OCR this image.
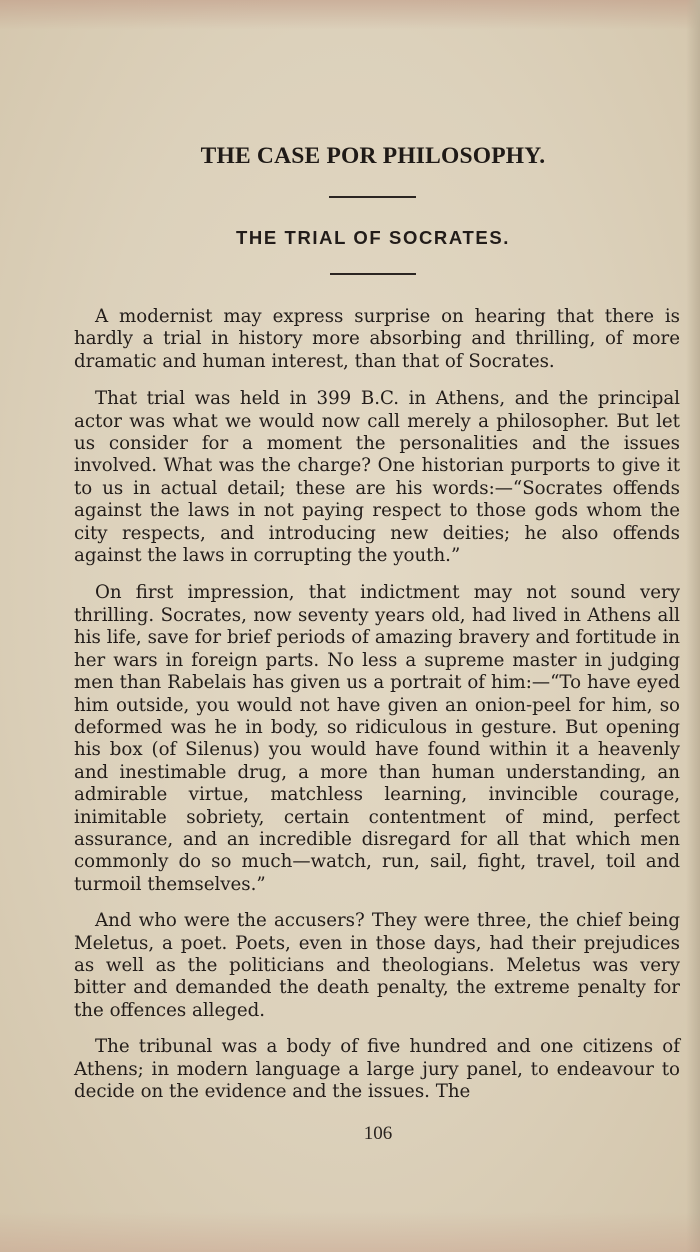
THE CASE POR PHILOSOPHY.
THE TRIAL OF SOCRATES.

A modernist may express surprise on hearing that there is hardly a trial in history more absorbing and thrilling, of more dramatic and human interest, than that of Socrates.

That trial was held in 399 B.C. in Athens, and the principal actor was what we would now call merely a philosopher. But let us consider for a moment the personalities and the issues involved. What was the charge? One historian purports to give it to us in actual detail; these are his words:—“Socrates offends against the laws in not paying respect to those gods whom the city respects, and introducing new deities; he also offends against the laws in corrupting the youth.”

On first impression, that indictment may not sound very thrilling. Socrates, now seventy years old, had lived in Athens all his life, save for brief periods of amazing bravery and fortitude in her wars in foreign parts. No less a supreme master in judging men than Rabelais has given us a portrait of him:—“To have eyed him outside, you would not have given an onion-peel for him, so deformed was he in body, so ridiculous in gesture. But opening his box (of Silenus) you would have found within it a heavenly and inestimable drug, a more than human understanding, an admirable virtue, matchless learning, invincible courage, inimitable sobriety, certain contentment of mind, perfect assurance, and an incredible disregard for all that which men commonly do so much—watch, run, sail, fight, travel, toil and turmoil themselves.”

And who were the accusers? They were three, the chief being Meletus, a poet. Poets, even in those days, had their prejudices as well as the politicians and theologians. Meletus was very bitter and demanded the death penalty, the extreme penalty for the offences alleged.

The tribunal was a body of five hundred and one citizens of Athens; in modern language a large jury panel, to endeavour to decide on the evidence and the issues. The

106
